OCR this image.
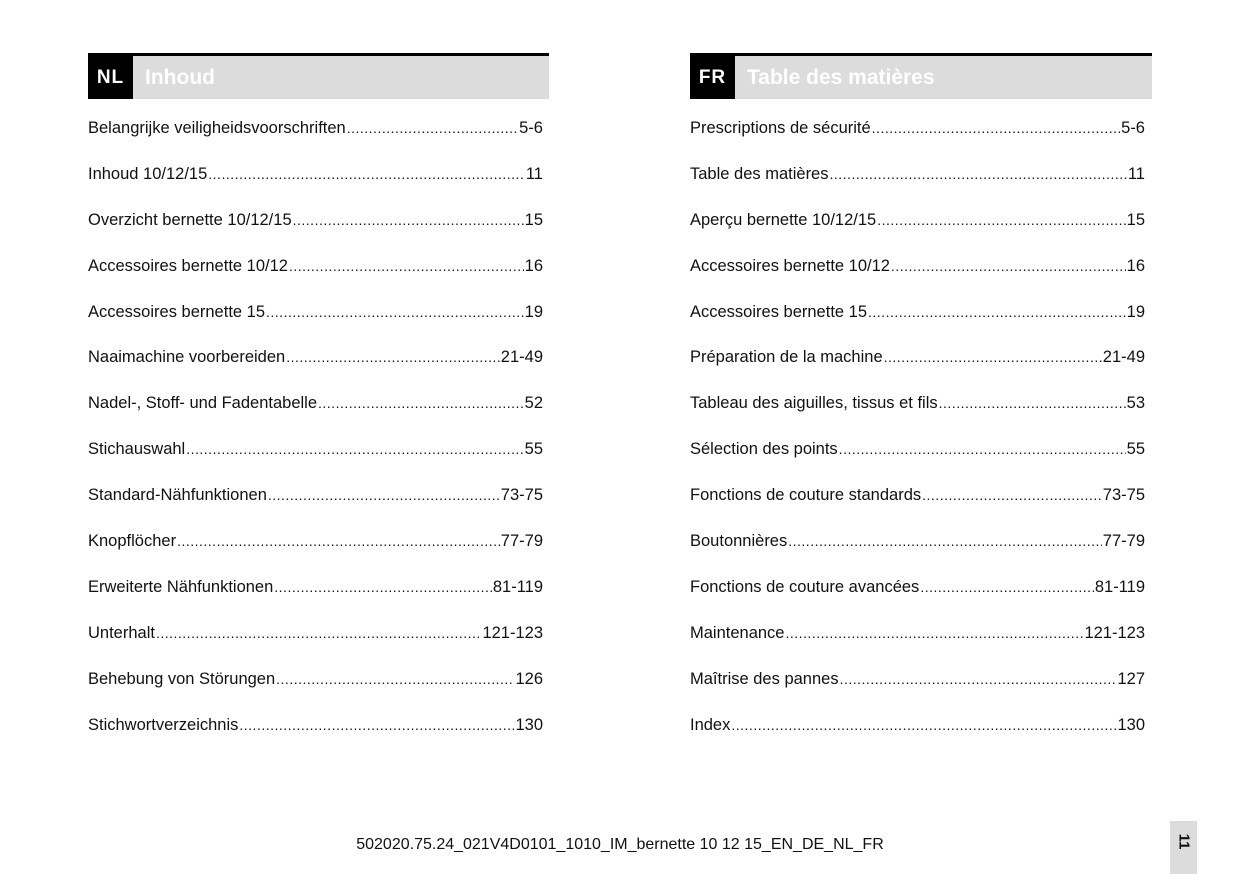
NL Inhoud
Belangrijke veiligheidsvoorschriften .....	5-6
Inhoud 10/12/15 .....	11
Overzicht bernette 10/12/15 .....	15
Accessoires bernette 10/12 .....	16
Accessoires bernette 15 .....	19
Naaimachine voorbereiden .....	21-49
Nadel-, Stoff- und Fadentabelle .....	52
Stichauswahl .....	55
Standard-Nähfunktionen .....	73-75
Knopflöcher .....	77-79
Erweiterte Nähfunktionen .....	81-119
Unterhalt .....	121-123
Behebung von Störungen .....	126
Stichwortverzeichnis .....	130
FR Table des matières
Prescriptions de sécurité .....	5-6
Table des matières .....	11
Aperçu bernette 10/12/15 .....	15
Accessoires bernette 10/12 .....	16
Accessoires bernette 15 .....	19
Préparation de la machine .....	21-49
Tableau des aiguilles, tissus et fils .....	53
Sélection des points .....	55
Fonctions de couture standards .....	73-75
Boutonnières .....	77-79
Fonctions de couture avancées .....	81-119
Maintenance .....	121-123
Maîtrise des pannes .....	127
Index .....	130
502020.75.24_021V4D0101_1010_IM_bernette 10 12 15_EN_DE_NL_FR	11
